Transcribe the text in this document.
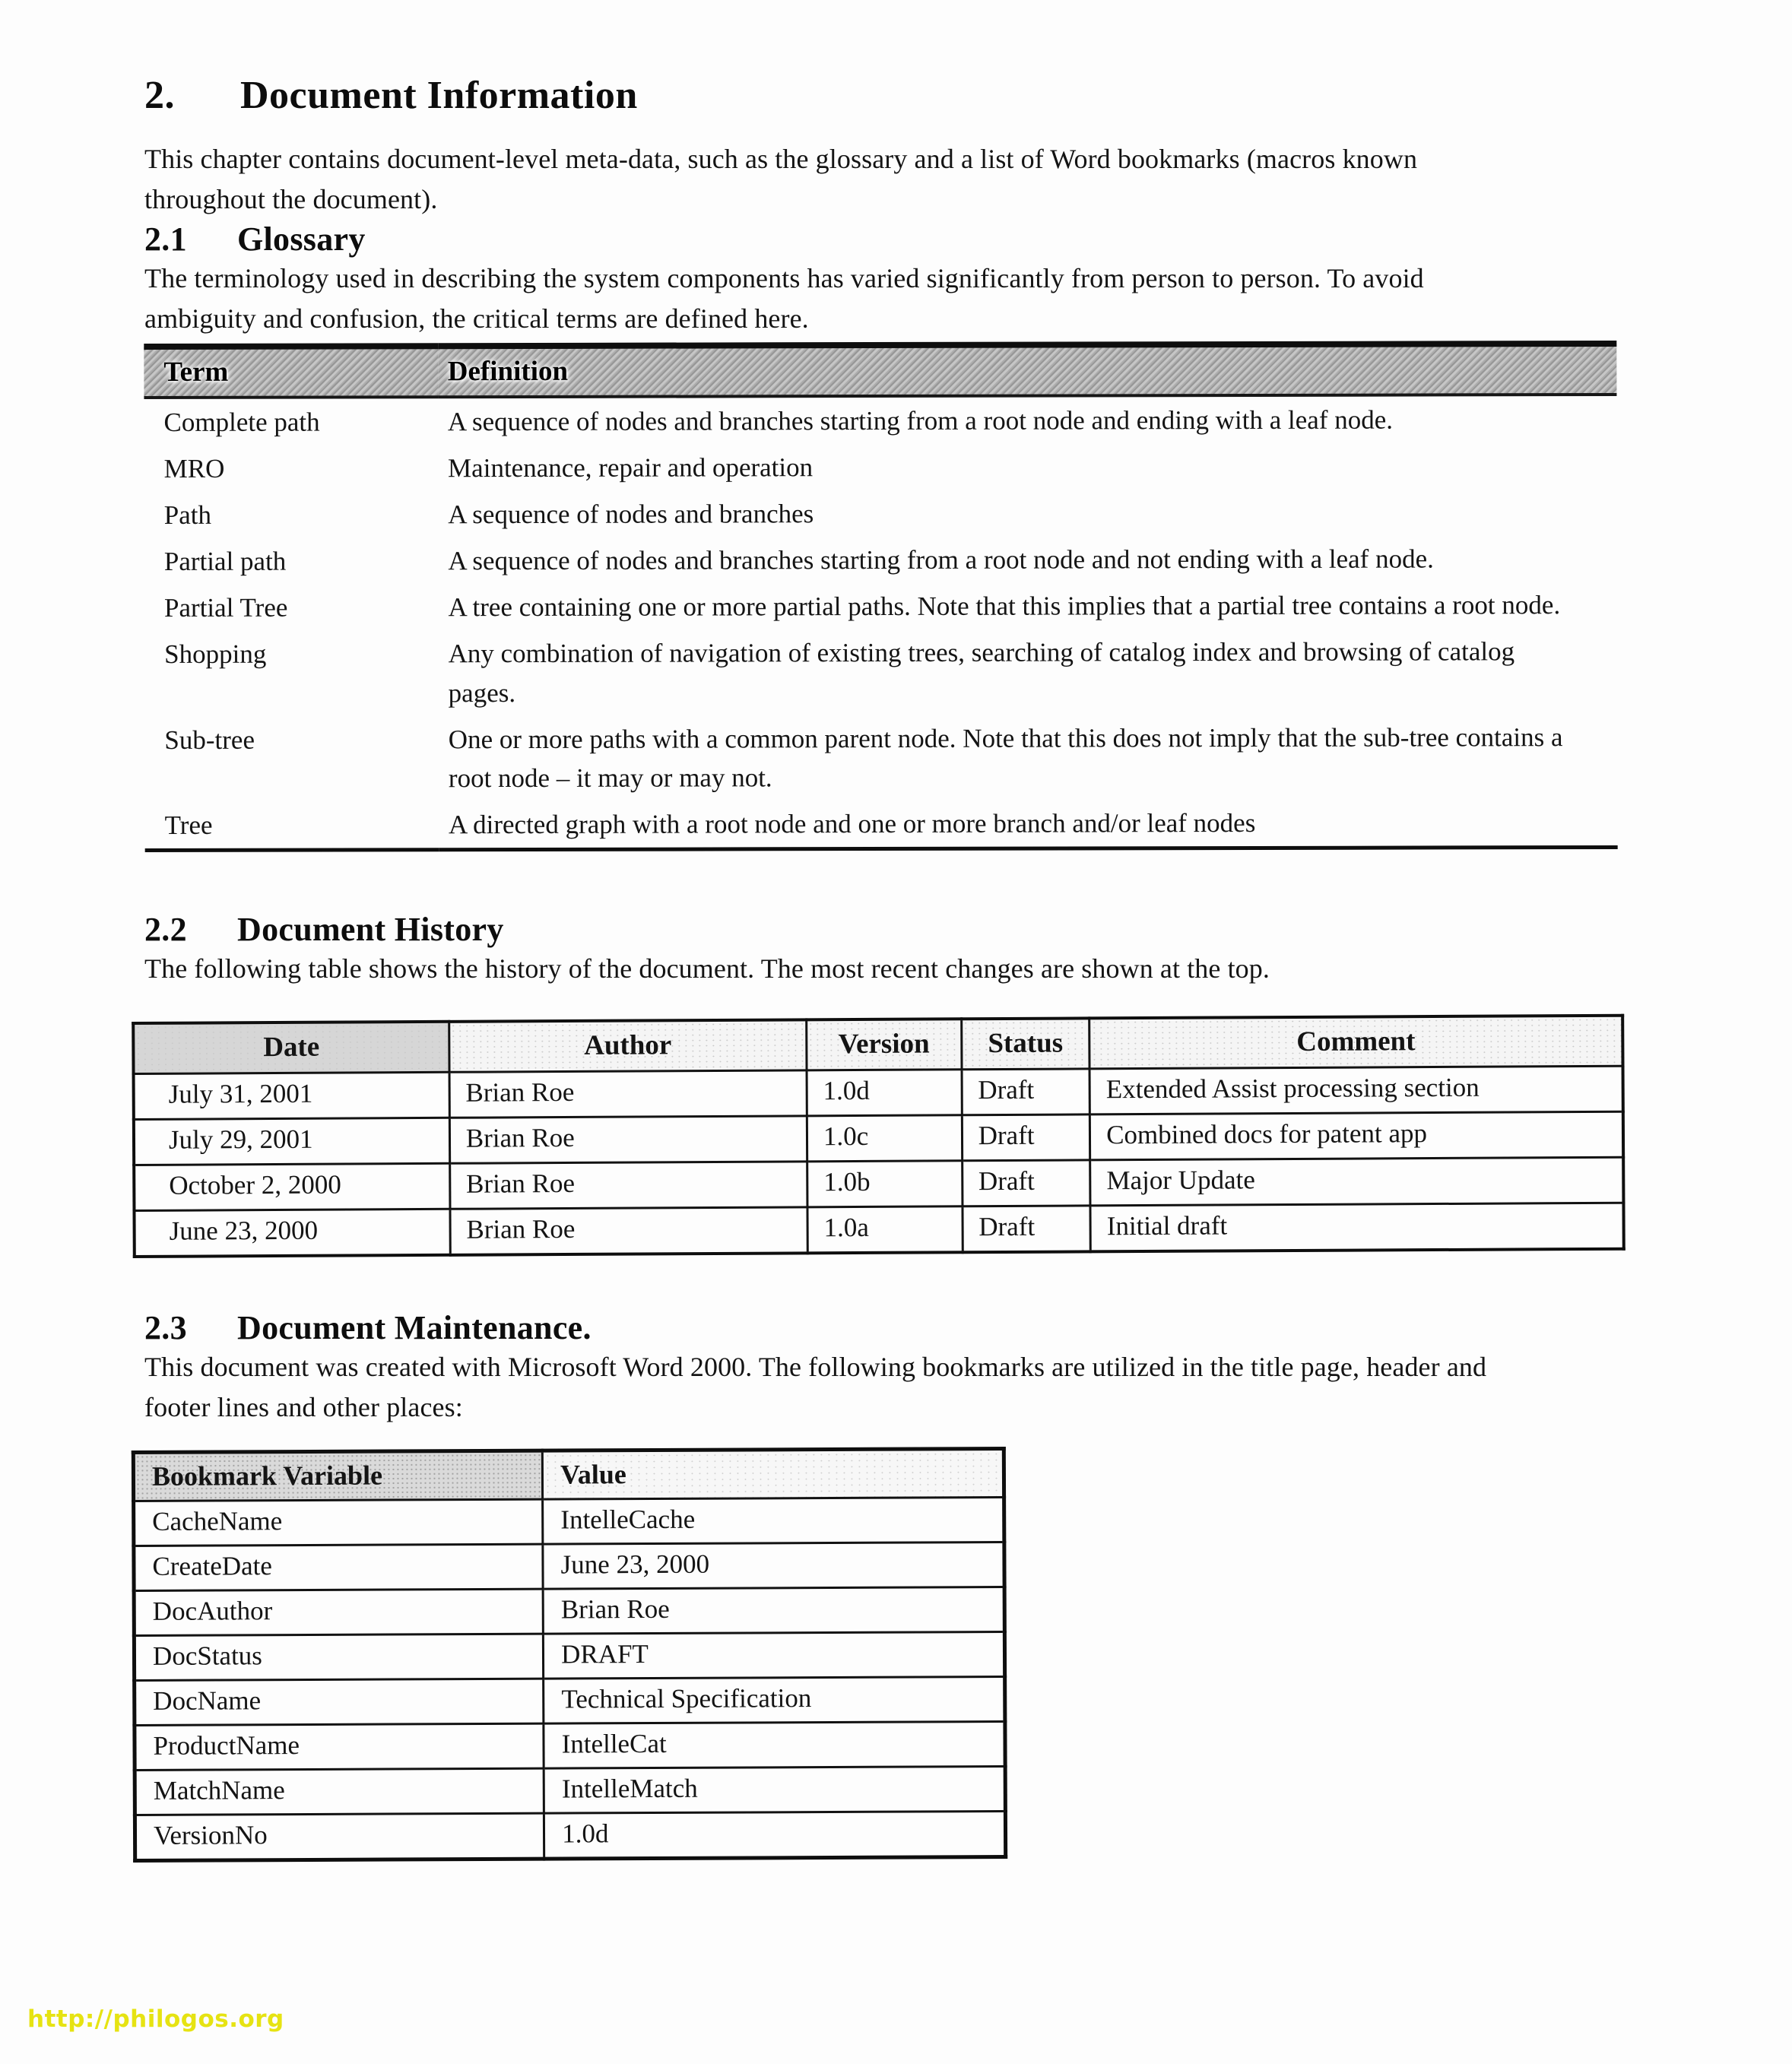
2. Document Information

This chapter contains document-level meta-data, such as the glossary and a list of Word bookmarks (macros known throughout the document).

2.1 Glossary

The terminology used in describing the system components has varied significantly from person to person. To avoid ambiguity and confusion, the critical terms are defined here.

Term	Definition
Complete path	A sequence of nodes and branches starting from a root node and ending with a leaf node.
MRO	Maintenance, repair and operation
Path	A sequence of nodes and branches
Partial path	A sequence of nodes and branches starting from a root node and not ending with a leaf node.
Partial Tree	A tree containing one or more partial paths. Note that this implies that a partial tree contains a root node.
Shopping	Any combination of navigation of existing trees, searching of catalog index and browsing of catalog pages.
Sub-tree	One or more paths with a common parent node. Note that this does not imply that the sub-tree contains a root node – it may or may not.
Tree	A directed graph with a root node and one or more branch and/or leaf nodes
2.2 Document History

The following table shows the history of the document. The most recent changes are shown at the top.

Date	Author	Version	Status	Comment
July 31, 2001	Brian Roe	1.0d	Draft	Extended Assist processing section
July 29, 2001	Brian Roe	1.0c	Draft	Combined docs for patent app
October 2, 2000	Brian Roe	1.0b	Draft	Major Update
June 23, 2000	Brian Roe	1.0a	Draft	Initial draft
2.3 Document Maintenance.

This document was created with Microsoft Word 2000. The following bookmarks are utilized in the title page, header and footer lines and other places:

Bookmark Variable	Value
CacheName	IntelleCache
CreateDate	June 23, 2000
DocAuthor	Brian Roe
DocStatus	DRAFT
DocName	Technical Specification
ProductName	IntelleCat
MatchName	IntelleMatch
VersionNo	1.0d
http://philogos.org
